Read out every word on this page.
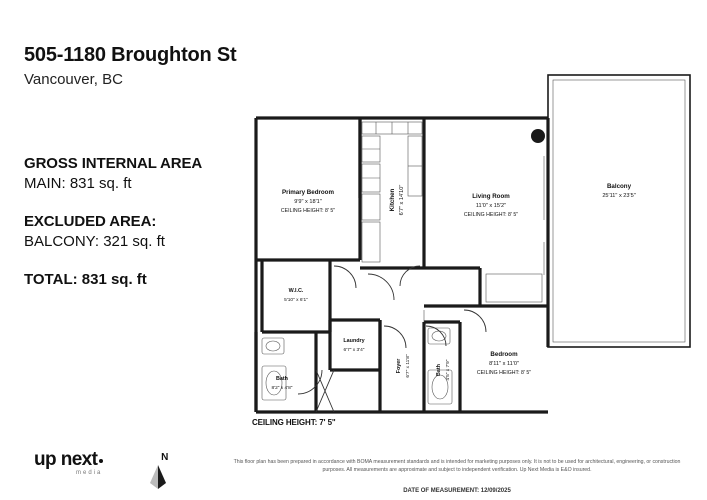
505-1180 Broughton St
Vancouver, BC
GROSS INTERNAL AREA
MAIN: 831 sq. ft
EXCLUDED AREA:
BALCONY: 321 sq. ft
TOTAL: 831 sq. ft
Primary Bedroom
9'9" x 18'1"
CEILING HEIGHT: 8' 5"	Kitchen 6'7" x 14'10"	Living Room
11'0" x 15'2"
CEILING HEIGHT: 8' 5"
Balcony
25'11" x 23'5"
W.I.C.
5'10" x 6'1"
Laundry
6'7" x 3'4"
Bath
8'2" x 4'8"
Foyer 6'7" x 11'8"	Bath 4'5" x 7'9"
Bedroom
8'11" x 11'0"
CEILING HEIGHT: 8' 5"
CEILING HEIGHT: 7' 5"
up next
media
N	This floor plan has been prepared in accordance with BOMA measurement standards and is intended for marketing purposes only. It is not to be used for architectural, engineering, or construction purposes. All measurements are approximate and subject to independent verification. Up Next Media is E&O insured.
DATE OF MEASUREMENT: 12/09/2025
